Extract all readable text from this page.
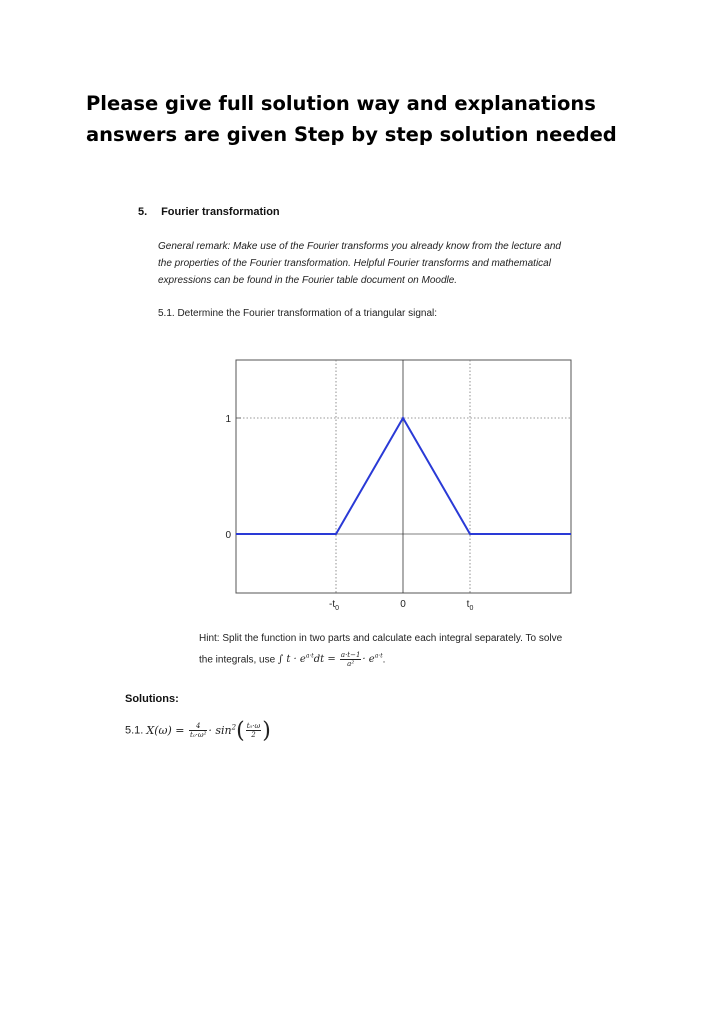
Please give full solution way and explanations
answers are given Step by step solution needed
5. Fourier transformation
General remark: Make use of the Fourier transforms you already know from the lecture and
the properties of the Fourier transformation. Helpful Fourier transforms and mathematical
expressions can be found in the Fourier table document on Moodle.
5.1. Determine the Fourier transformation of a triangular signal:
1
0
$-t_0$	0	$t_0$
Hint: Split the function in two parts and calculate each integral separately. To solve
the integrals, use ∫ $t \cdot e^{a\cdot t}dt = \frac{a\cdot t-1}{\text{a²}} \cdot e^{a\cdot t}$.
Solutions:
5.1. $X(\omega) = \frac{4}{\text{t₀·ω²}} \cdot \sin^2( \frac{\text{t₀·ω}}{2}$ )
